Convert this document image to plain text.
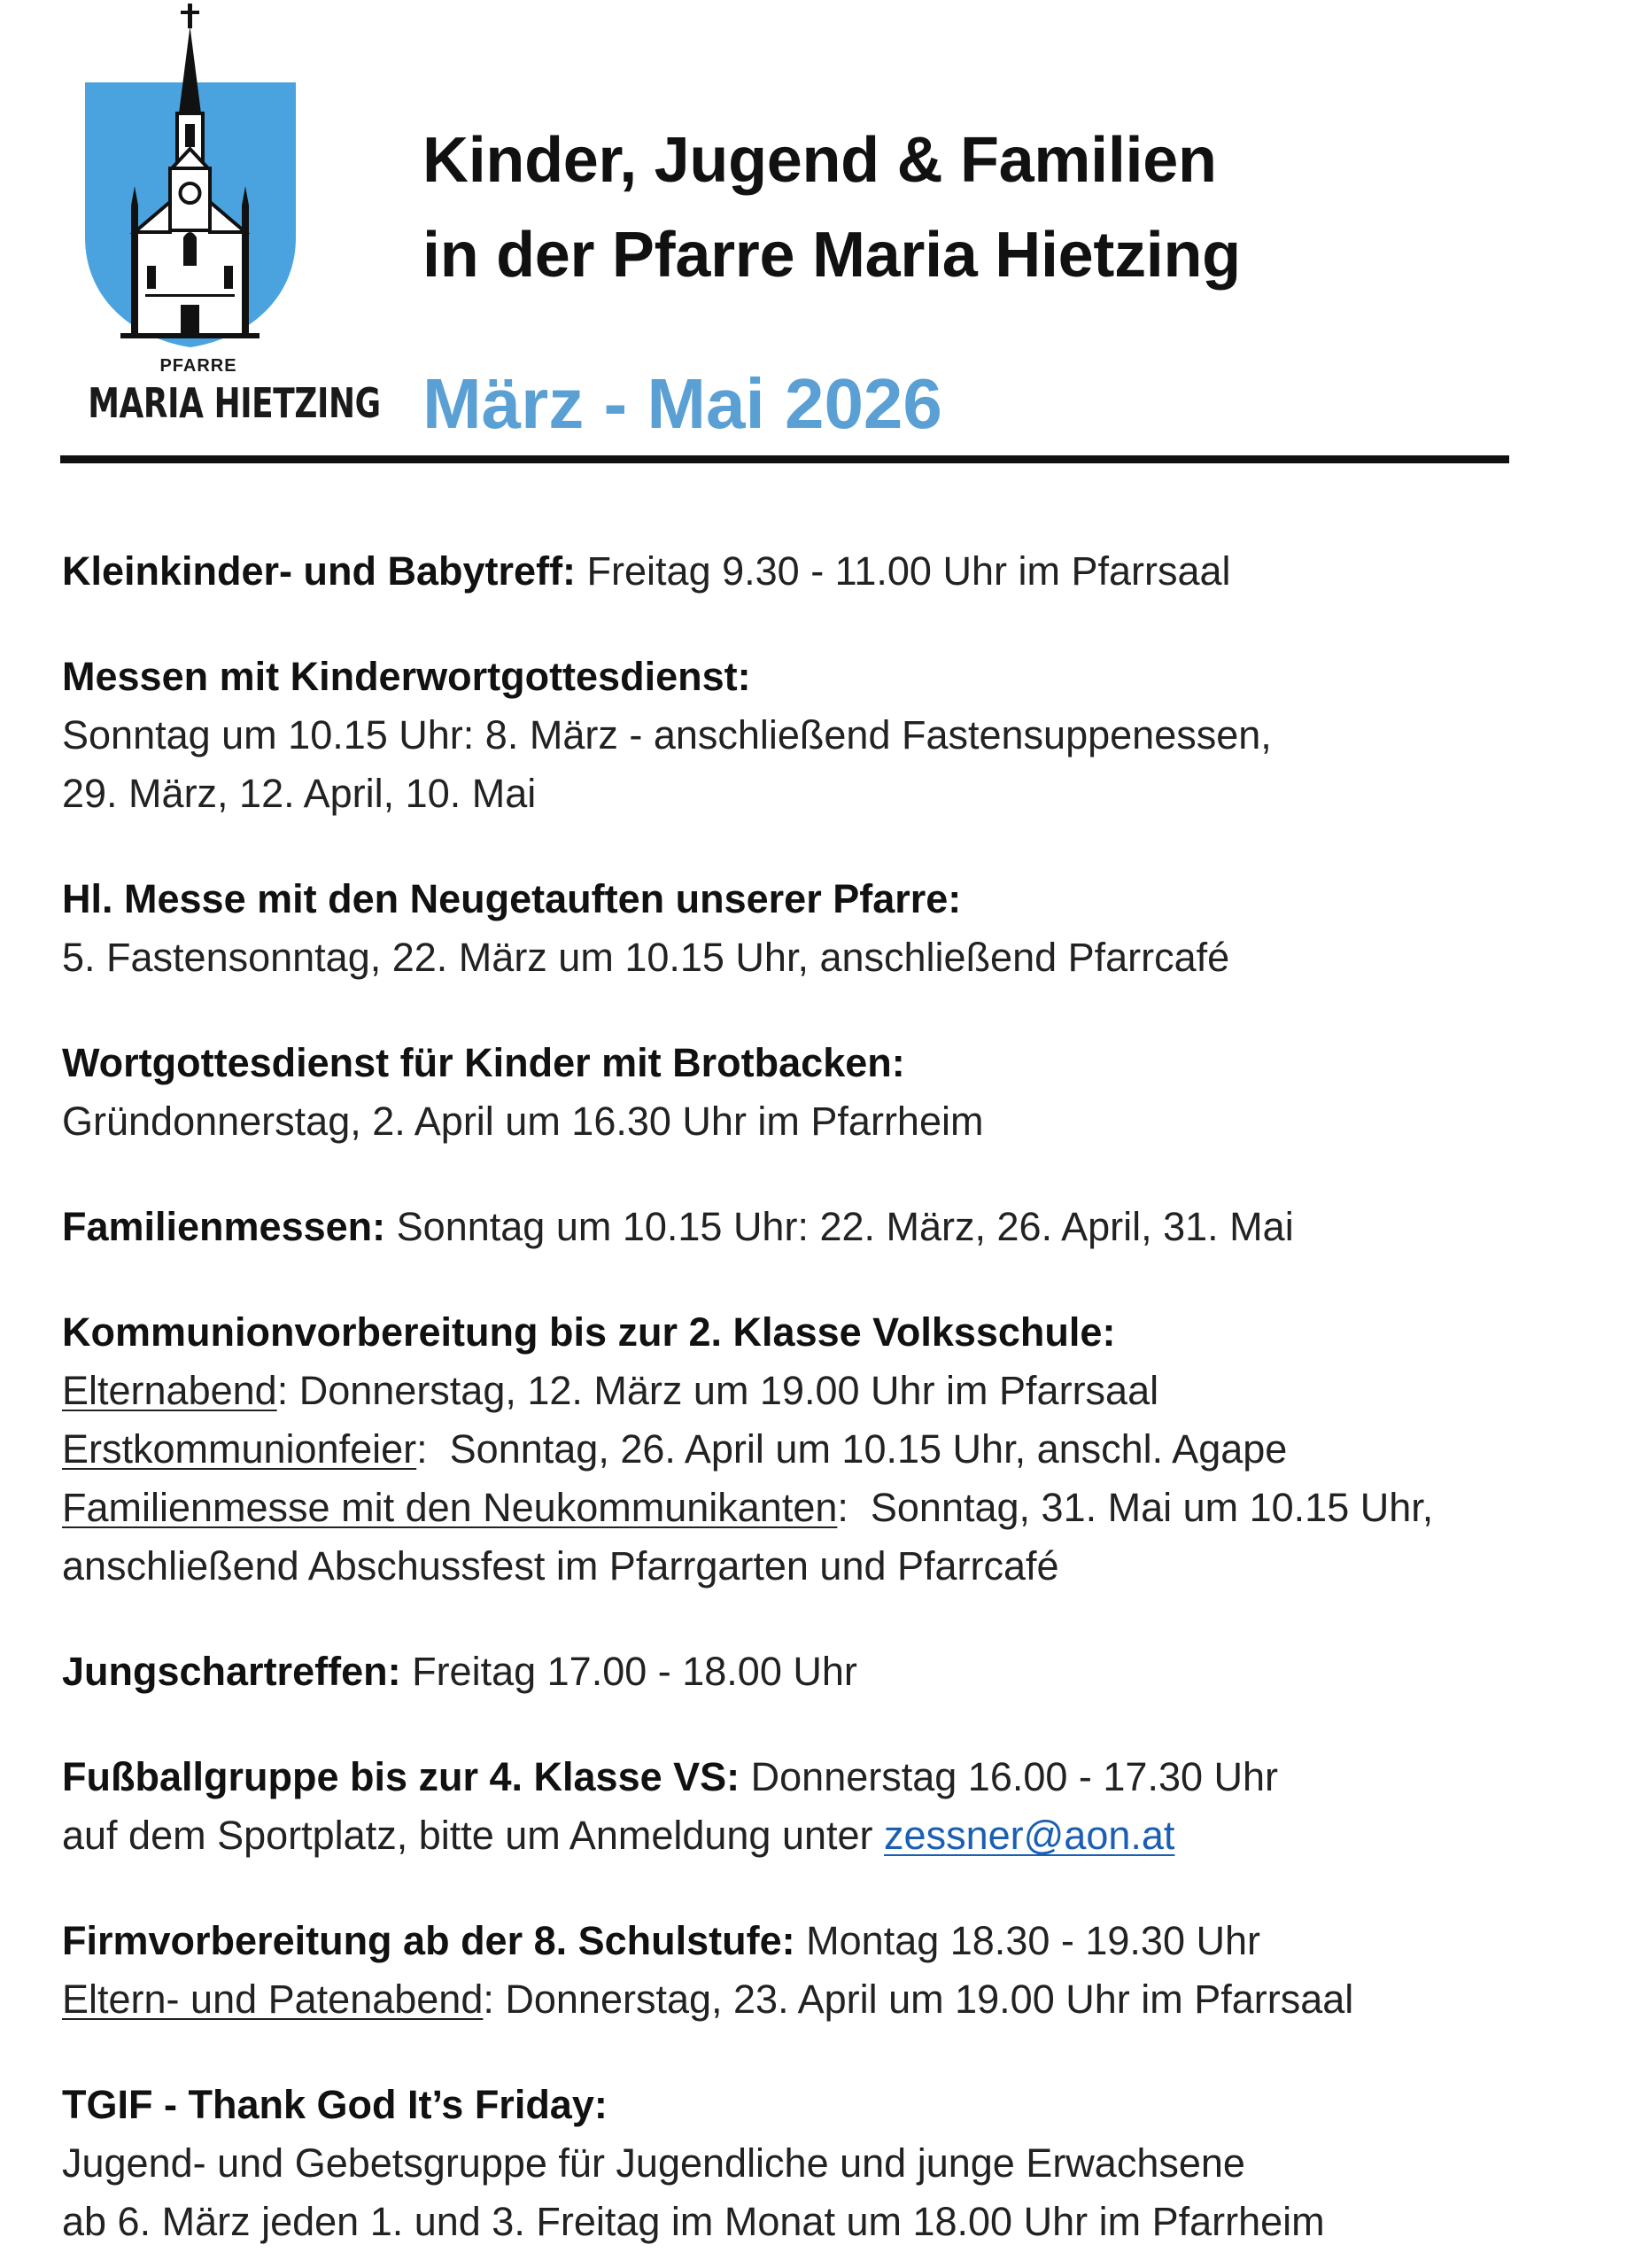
PFARRE
MARIA HIETZING
Kinder, Jugend & Familien
in der Pfarre Maria Hietzing
März - Mai 2026
Kleinkinder- und Babytreff: Freitag 9.30 - 11.00 Uhr im Pfarrsaal
Messen mit Kinderwortgottesdienst:
Sonntag um 10.15 Uhr: 8. März - anschließend Fastensuppenessen,
29. März, 12. April, 10. Mai
Hl. Messe mit den Neugetauften unserer Pfarre:
5. Fastensonntag, 22. März um 10.15 Uhr, anschließend Pfarrcafé
Wortgottesdienst für Kinder mit Brotbacken:
Gründonnerstag, 2. April um 16.30 Uhr im Pfarrheim
Familienmessen: Sonntag um 10.15 Uhr: 22. März, 26. April, 31. Mai
Kommunionvorbereitung bis zur 2. Klasse Volksschule:
Elternabend: Donnerstag, 12. März um 19.00 Uhr im Pfarrsaal
Erstkommunionfeier:  Sonntag, 26. April um 10.15 Uhr, anschl. Agape
Familienmesse mit den Neukommunikanten:  Sonntag, 31. Mai um 10.15 Uhr,
anschließend Abschussfest im Pfarrgarten und Pfarrcafé
Jungschartreffen: Freitag 17.00 - 18.00 Uhr
Fußballgruppe bis zur 4. Klasse VS: Donnerstag 16.00 - 17.30 Uhr
auf dem Sportplatz, bitte um Anmeldung unter zessner@aon.at
Firmvorbereitung ab der 8. Schulstufe: Montag 18.30 - 19.30 Uhr
Eltern- und Patenabend: Donnerstag, 23. April um 19.00 Uhr im Pfarrsaal
TGIF - Thank God It’s Friday:
Jugend- und Gebetsgruppe für Jugendliche und junge Erwachsene
ab 6. März jeden 1. und 3. Freitag im Monat um 18.00 Uhr im Pfarrheim
